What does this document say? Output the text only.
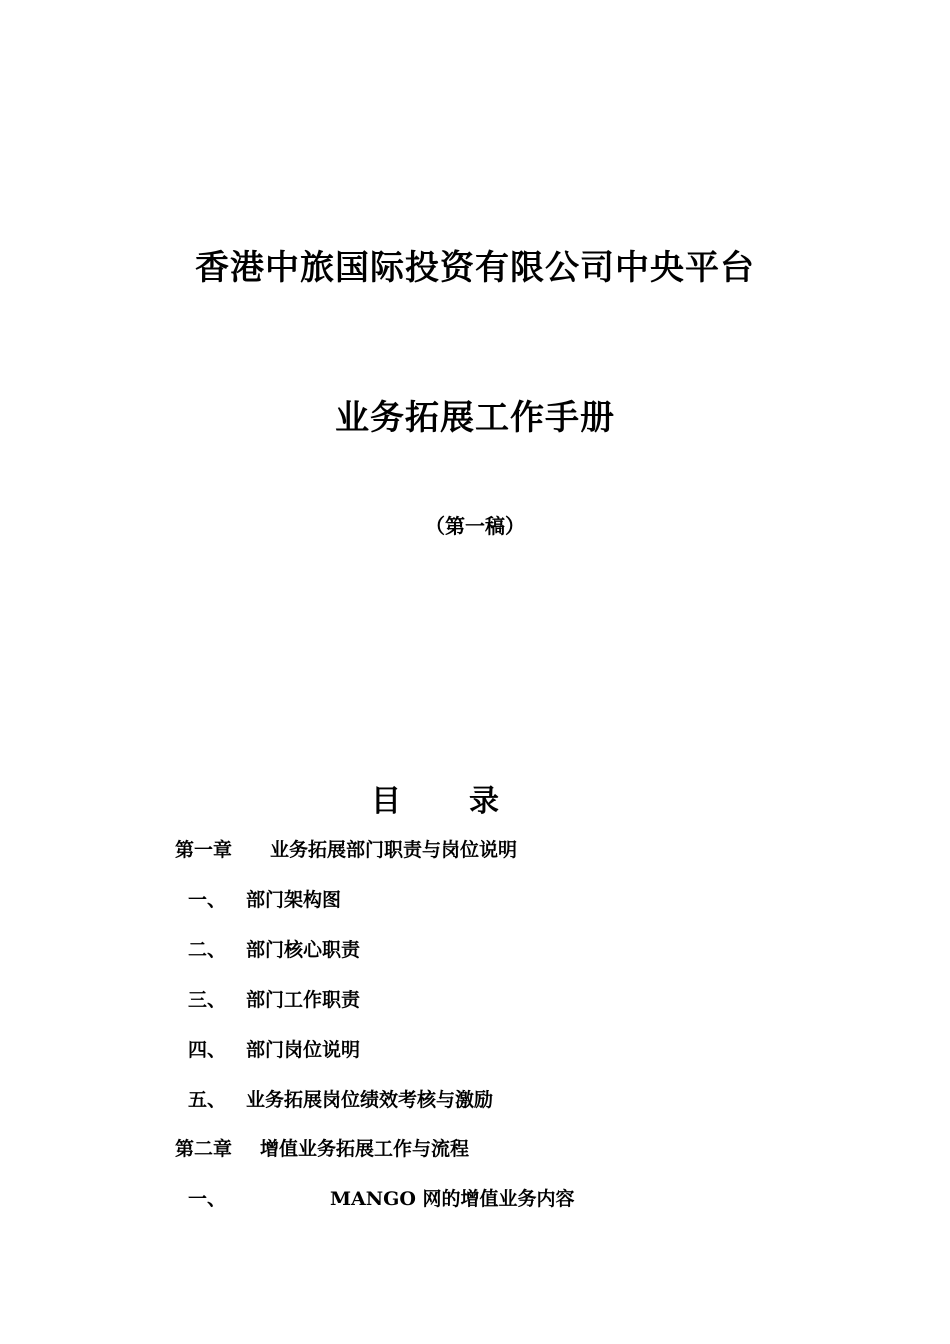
香港中旅国际投资有限公司中央平台
业务拓展工作手册
（第一稿）
目 录
第一章 业务拓展部门职责与岗位说明
一、 部门架构图
二、 部门核心职责
三、 部门工作职责
四、 部门岗位说明
五、 业务拓展岗位绩效考核与激励
第二章 增值业务拓展工作与流程
一、	MANGO 网的增值业务内容
